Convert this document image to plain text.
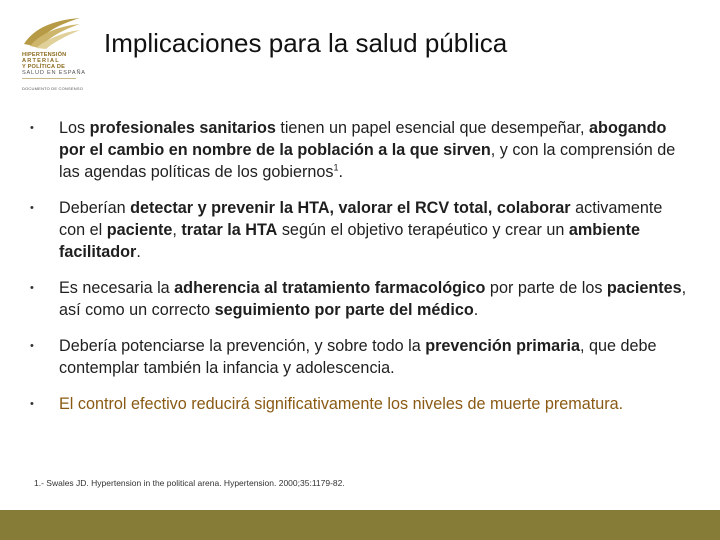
HIPERTENSIÓN
ARTERIAL
Y POLÍTICA DE
SALUD EN ESPAÑA
DOCUMENTO DE CONSENSO
Implicaciones para la salud pública
• Los profesionales sanitarios tienen un papel esencial que desempeñar, abogando por el cambio en nombre de la población a la que sirven, y con la comprensión de las agendas políticas de los gobiernos$^1$.
• Deberían detectar y prevenir la HTA, valorar el RCV total, colaborar activamente con el paciente, tratar la HTA según el objetivo terapéutico y crear un ambiente facilitador.
• Es necesaria la adherencia al tratamiento farmacológico por parte de los pacientes, así como un correcto seguimiento por parte del médico.
• Debería potenciarse la prevención, y sobre todo la prevención primaria, que debe contemplar también la infancia y adolescencia.
• El control efectivo reducirá significativamente los niveles de muerte prematura.
1.- Swales JD. Hypertension in the political arena. Hypertension. 2000;35:1179-82.
